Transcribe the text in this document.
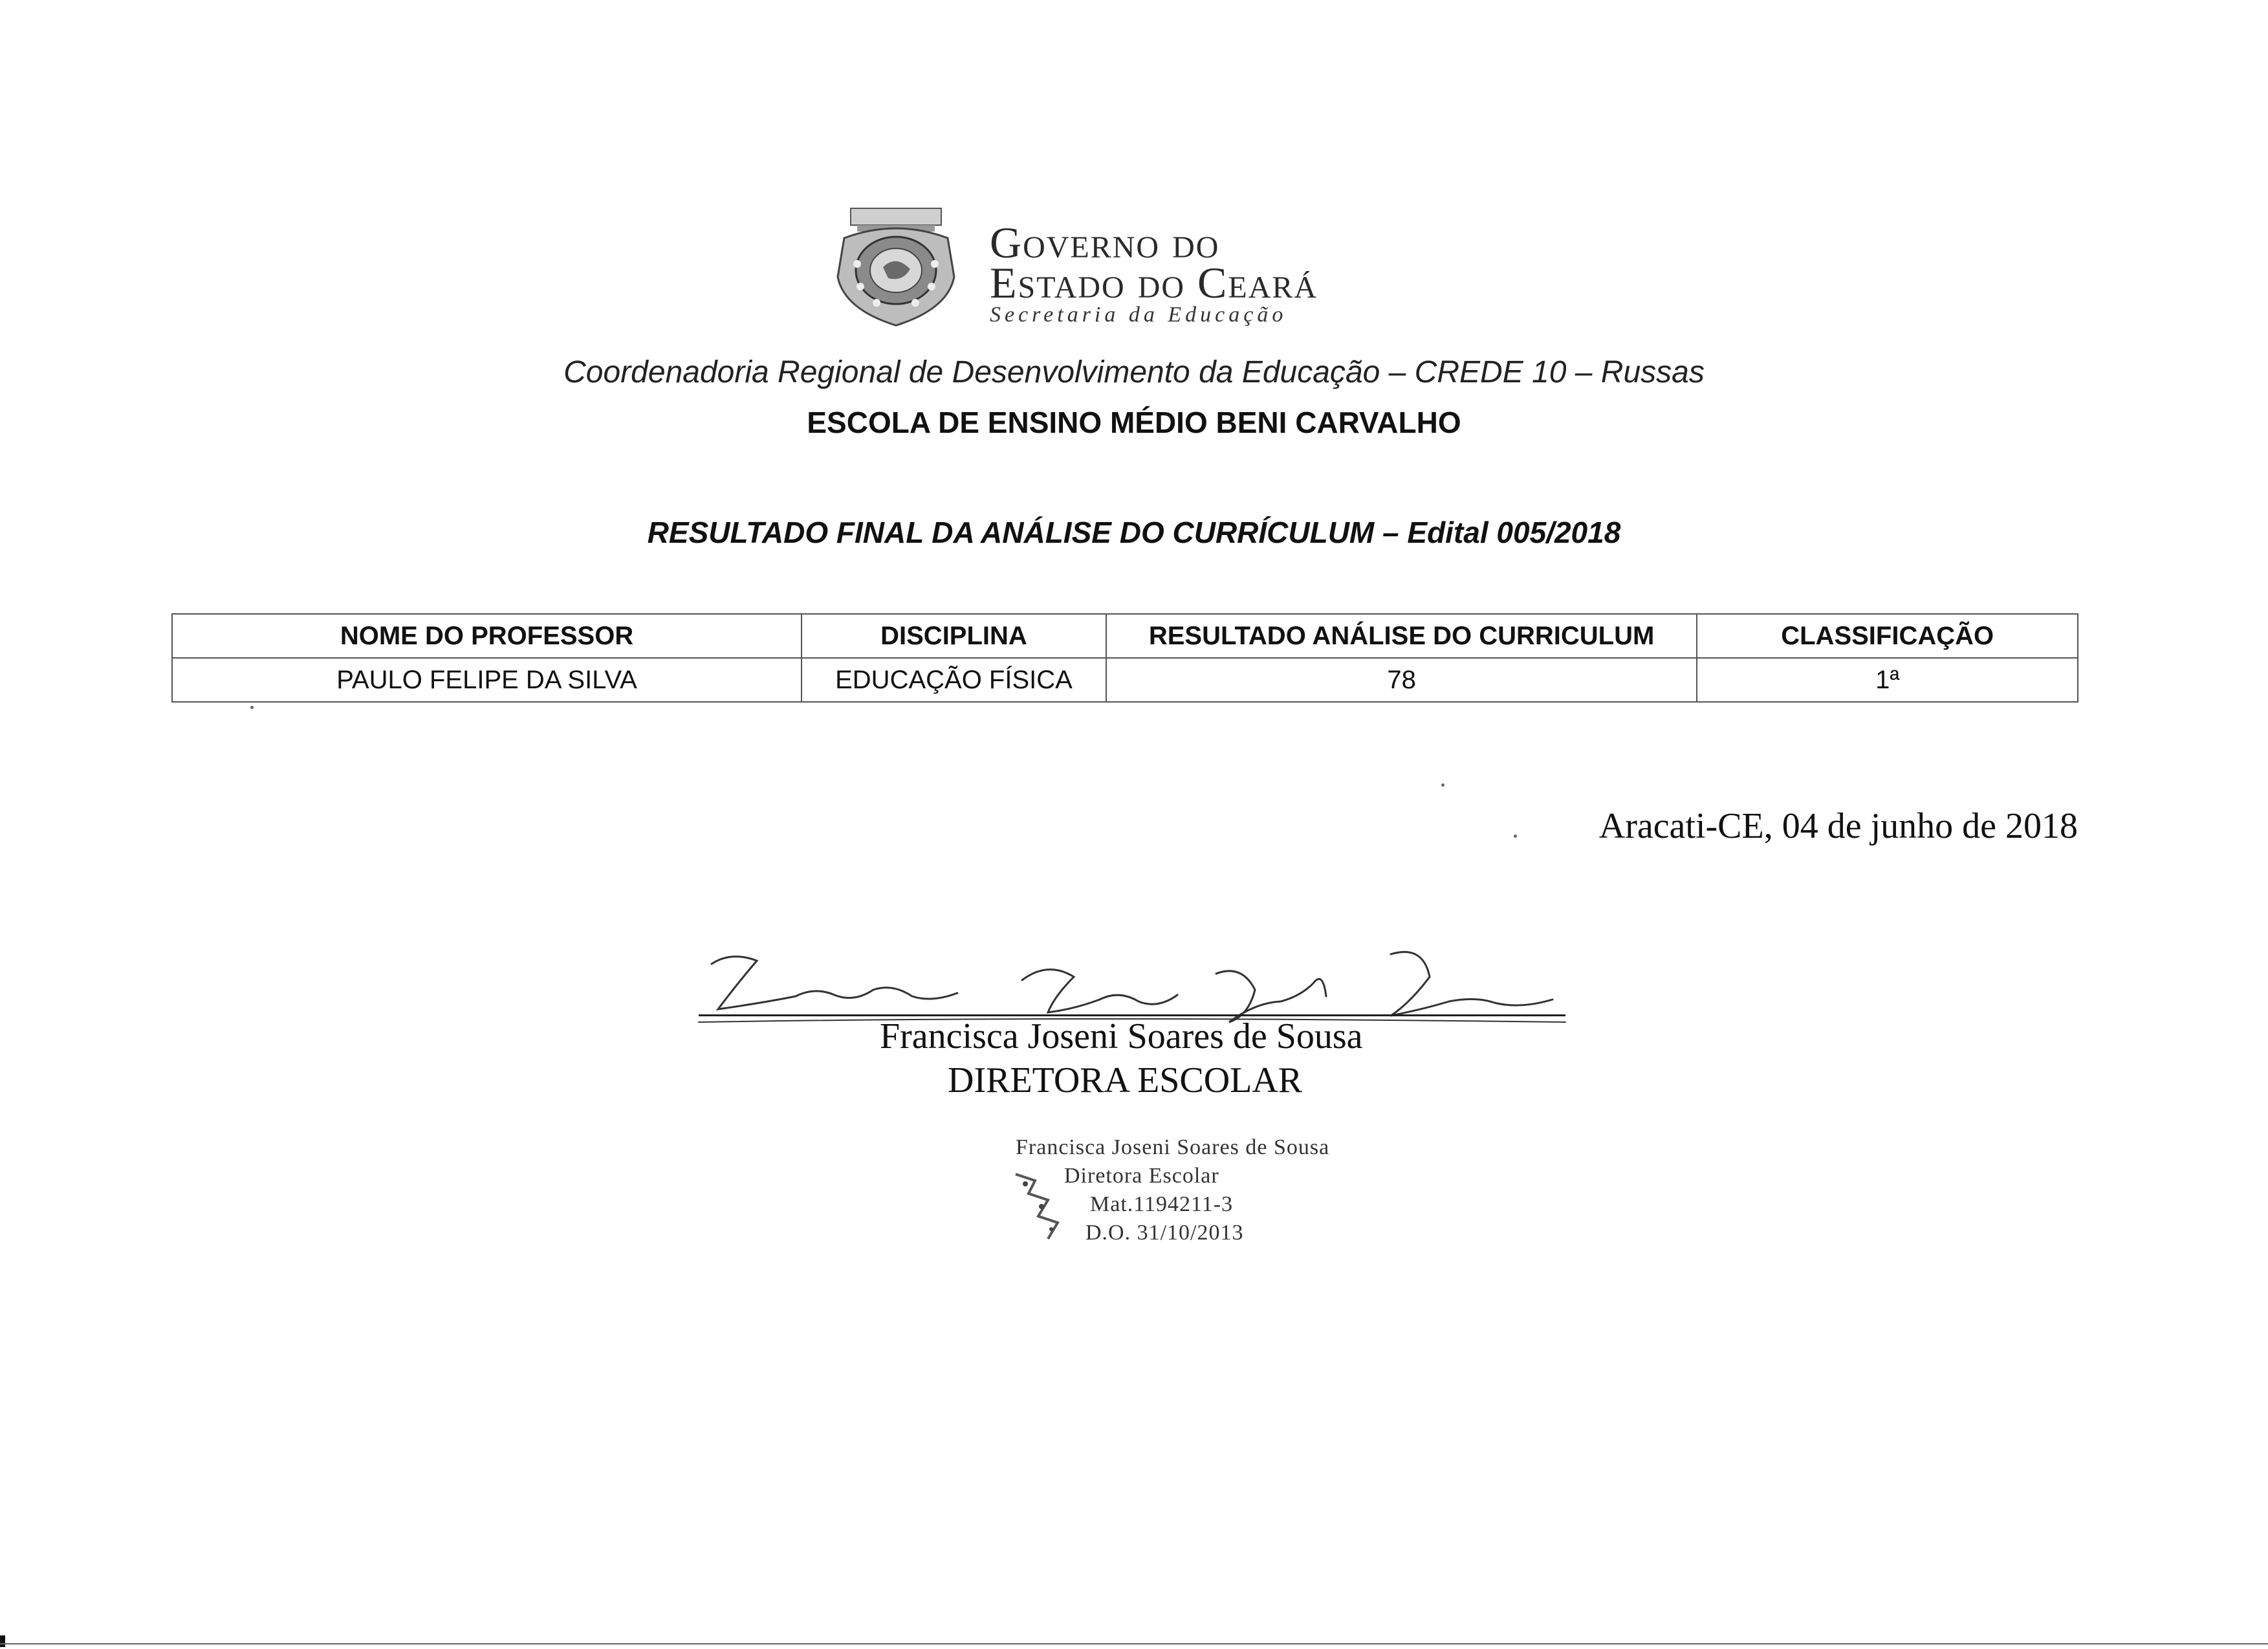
Governo do
Estado do Ceará
Secretaria da Educação
Coordenadoria Regional de Desenvolvimento da Educação – CREDE 10 – Russas
ESCOLA DE ENSINO MÉDIO BENI CARVALHO
RESULTADO FINAL DA ANÁLISE DO CURRÍCULUM – Edital 005/2018
NOME DO PROFESSOR	DISCIPLINA	RESULTADO ANÁLISE DO CURRICULUM	CLASSIFICAÇÃO
PAULO FELIPE DA SILVA	EDUCAÇÃO FÍSICA	78	1ª
Aracati-CE, 04 de junho de 2018
Francisca Joseni Soares de Sousa
DIRETORA ESCOLAR
Francisca Joseni Soares de Sousa
Diretora Escolar
Mat.1194211-3
D.O. 31/10/2013
